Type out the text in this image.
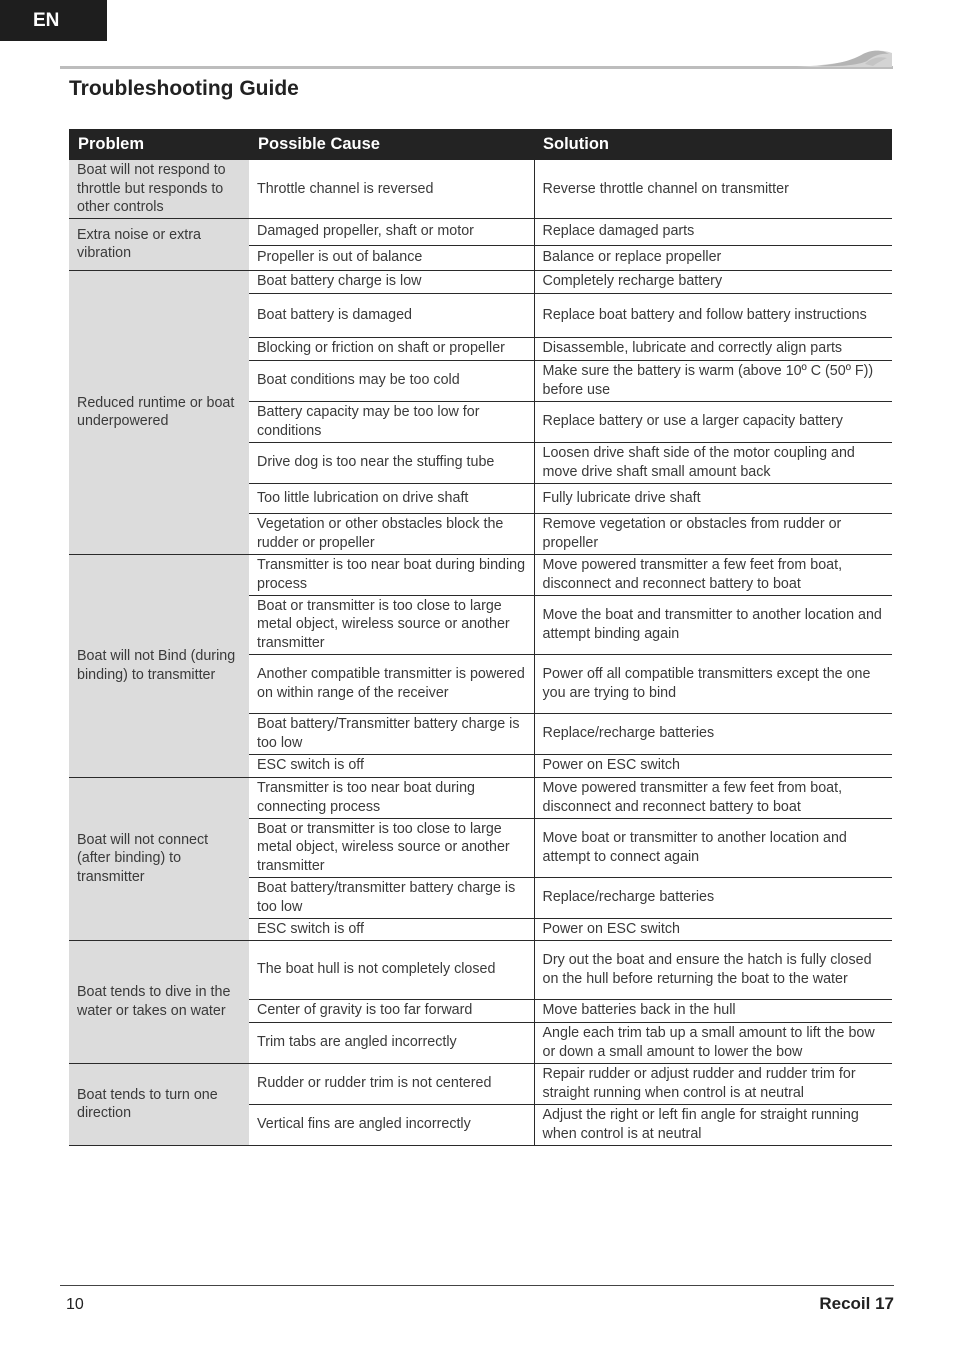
EN
Troubleshooting Guide
Problem	Possible Cause	Solution
Boat will not respond to throttle but responds to other controls	Throttle channel is reversed	Reverse throttle channel on transmitter
Extra noise or extra vibration	Damaged propeller, shaft or motor	Replace damaged parts
	Propeller is out of balance	Balance or replace propeller
Reduced runtime or boat underpowered	Boat battery charge is low	Completely recharge battery
	Boat battery is damaged	Replace boat battery and follow battery instructions
	Blocking or friction on shaft or propeller	Disassemble, lubricate and correctly align parts
	Boat conditions may be too cold	Make sure the battery is warm (above 10º C (50º F)) before use
	Battery capacity may be too low for conditions	Replace battery or use a larger capacity battery
	Drive dog is too near the stuffing tube	Loosen drive shaft side of the motor coupling and move drive shaft small amount back
	Too little lubrication on drive shaft	Fully lubricate drive shaft
	Vegetation or other obstacles block the rudder or propeller	Remove vegetation or obstacles from rudder or propeller
Boat will not Bind (during binding) to transmitter	Transmitter is too near boat during binding process	Move powered transmitter a few feet from boat, disconnect and reconnect battery to boat
	Boat or transmitter is too close to large metal object, wireless source or another transmitter	Move the boat and transmitter to another location and attempt binding again
	Another compatible transmitter is powered on within range of the receiver	Power off all compatible transmitters except the one you are trying to bind
	Boat battery/Transmitter battery charge is too low	Replace/recharge batteries
	ESC switch is off	Power on ESC switch
Boat will not connect (after binding) to transmitter	Transmitter is too near boat during connecting process	Move powered transmitter a few feet from boat, disconnect and reconnect battery to boat
	Boat or transmitter is too close to large metal object, wireless source or another transmitter	Move boat or transmitter to another location and attempt to connect again
	Boat battery/transmitter battery charge is too low	Replace/recharge batteries
	ESC switch is off	Power on ESC switch
Boat tends to dive in the water or takes on water	The boat hull is not completely closed	Dry out the boat and ensure the hatch is fully closed on the hull before returning the boat to the water
	Center of gravity is too far forward	Move batteries back in the hull
	Trim tabs are angled incorrectly	Angle each trim tab up a small amount to lift the bow or down a small amount to lower the bow
Boat tends to turn one direction	Rudder or rudder trim is not centered	Repair rudder or adjust rudder and rudder trim for straight running when control is at neutral
	Vertical fins are angled incorrectly	Adjust the right or left fin angle for straight running when control is at neutral
10	Recoil 17
